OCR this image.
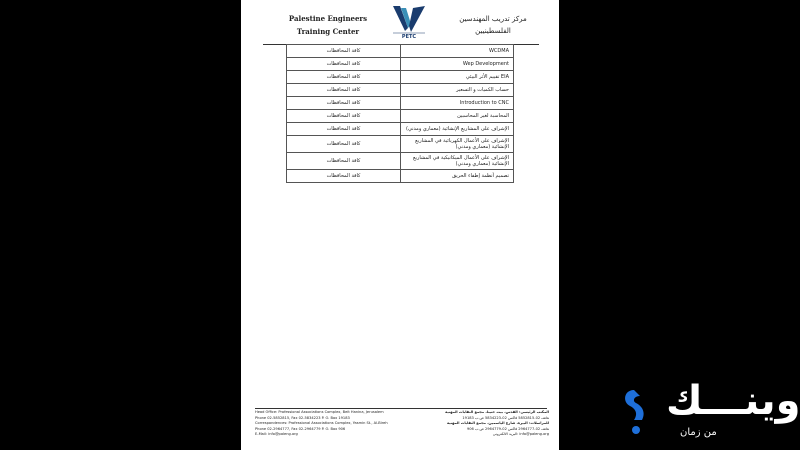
Palestine Engineers
Training Center
PETC
مركز تدريب المهندسين
الفلسطينيين
كافة المحافظات	WCDMA
كافة المحافظات	Wep Development
كافة المحافظات	تقييم الأثر البيئي EIA
كافة المحافظات	حساب الكميات و التسعير
كافة المحافظات	Introduction to CNC
كافة المحافظات	المحاسبة لغير المحاسبين
كافة المحافظات	الإشراف على المشاريع الإنشائية (معماري ومدني)
كافة المحافظات	الإشراف على الأعمال الكهربائية في المشاريع الإنشائية (معماري ومدني)
كافة المحافظات	الإشراف على الأعمال الميكانيكية في المشاريع الإنشائية (معماري ومدني)
كافة المحافظات	تصميم أنظمة إطفاء الحريق
Head Office: Professional Associations Complex, Beit Hanina, Jerusalem
Phone 02-5852815, Fax 02-5834223 P. O. Box 19183
Correspondences: Professional Associations Complex, Yasmin St., Al-Bireh
Phone 02-2964777, Fax 02-2964779 P. O. Box 906
E-Mail: info@paleng.org
المكتب الرئيسي: القدس، بيت حنينا، مجمع النقابات المهنية
هاتف 02-5852815 فاكس 02-5834223 ص.ب 19183
للمراسلات: البيرة، شارع الياسمين، مجمع النقابات المهنية
هاتف 02-2964777 فاكس 02-2964779 ص.ب 906
البريد الالكتروني: info@paleng.org
وينـــك
من زمان
